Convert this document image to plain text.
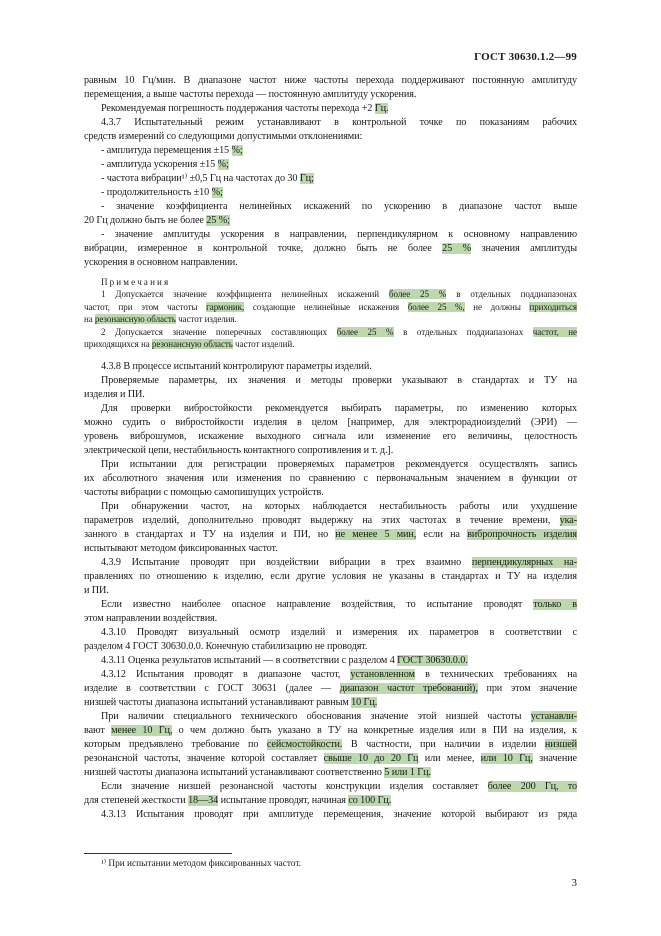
ГОСТ 30630.1.2—99
равным 10 Гц/мин. В диапазоне частот ниже частоты перехода поддерживают постоянную амплитуду
перемещения, а выше частоты перехода — постоянную амплитуду ускорения.
Рекомендуемая погрешность поддержания частоты перехода +2 Гц.
4.3.7 Испытательный режим устанавливают в контрольной точке по показаниям рабочих
средств измерений со следующими допустимыми отклонениями:
- амплитуда перемещения ±15 %;
- амплитуда ускорения ±15 %;
- частота вибрации¹⁾ ±0,5 Гц на частотах до 30 Гц;
- продолжительность ±10 %;
- значение коэффициента нелинейных искажений по ускорению в диапазоне частот выше
20 Гц должно быть не более 25 %;
- значение амплитуды ускорения в направлении, перпендикулярном к основному направлению
вибрации, измеренное в контрольной точке, должно быть не более 25 % значения амплитуды
ускорения в основном направлении.
П р и м е ч а н и я
1 Допускается значение коэффициента нелинейных искажений более 25 % в отдельных поддиапазонах
частот, при этом частоты гармоник, создающие нелинейные искажения более 25 %, не должны приходиться
на резонансную область частот изделия.
2 Допускается значение поперечных составляющих более 25 % в отдельных поддиапазонах частот, не
приходящихся на резонансную область частот изделий.
4.3.8 В процессе испытаний контролируют параметры изделий.
Проверяемые параметры, их значения и методы проверки указывают в стандартах и ТУ на
изделия и ПИ.
Для проверки вибростойкости рекомендуется выбирать параметры, по изменению которых
можно судить о вибростойкости изделия в целом [например, для электрорадиоизделий (ЭРИ) —
уровень виброшумов, искажение выходного сигнала или изменение его величины, целостность
электрической цепи, нестабильность контактного сопротивления и т. д.].
При испытании для регистрации проверяемых параметров рекомендуется осуществлять запись
их абсолютного значения или изменения по сравнению с первоначальным значением в функции от
частоты вибрации с помощью самопишущих устройств.
При обнаружении частот, на которых наблюдается нестабильность работы или ухудшение
параметров изделий, дополнительно проводят выдержку на этих частотах в течение времени, ука-
занного в стандартах и ТУ на изделия и ПИ, но не менее 5 мин, если на вибропрочность изделия
испытывают методом фиксированных частот.
4.3.9 Испытание проводят при воздействии вибрации в трех взаимно перпендикулярных на-
правлениях по отношению к изделию, если другие условия не указаны в стандартах и ТУ на изделия
и ПИ.
Если известно наиболее опасное направление воздействия, то испытание проводят только в
этом направлении воздействия.
4.3.10 Проводят визуальный осмотр изделий и измерения их параметров в соответствии с
разделом 4 ГОСТ 30630.0.0. Конечную стабилизацию не проводят.
4.3.11 Оценка результатов испытаний — в соответствии с разделом 4 ГОСТ 30630.0.0.
4.3.12 Испытания проводят в диапазоне частот, установленном в технических требованиях на
изделие в соответствии с ГОСТ 30631 (далее — диапазон частот требований), при этом значение
низшей частоты диапазона испытаний устанавливают равным 10 Гц.
При наличии специального технического обоснования значение этой низшей частоты устанавли-
вают менее 10 Гц, о чем должно быть указано в ТУ на конкретные изделия или в ПИ на изделия, к
которым предъявлено требование по сейсмостойкости. В частности, при наличии в изделии низшей
резонансной частоты, значение которой составляет свыше 10 до 20 Гц или менее, или 10 Гц, значение
низшей частоты диапазона испытаний устанавливают соответственно 5 или 1 Гц.
Если значение низшей резонансной частоты конструкции изделия составляет более 200 Гц, то
для степеней жесткости 18—34 испытание проводят, начиная со 100 Гц.
4.3.13 Испытания проводят при амплитуде перемещения, значение которой выбирают из ряда
¹⁾ При испытании методом фиксированных частот.
3
